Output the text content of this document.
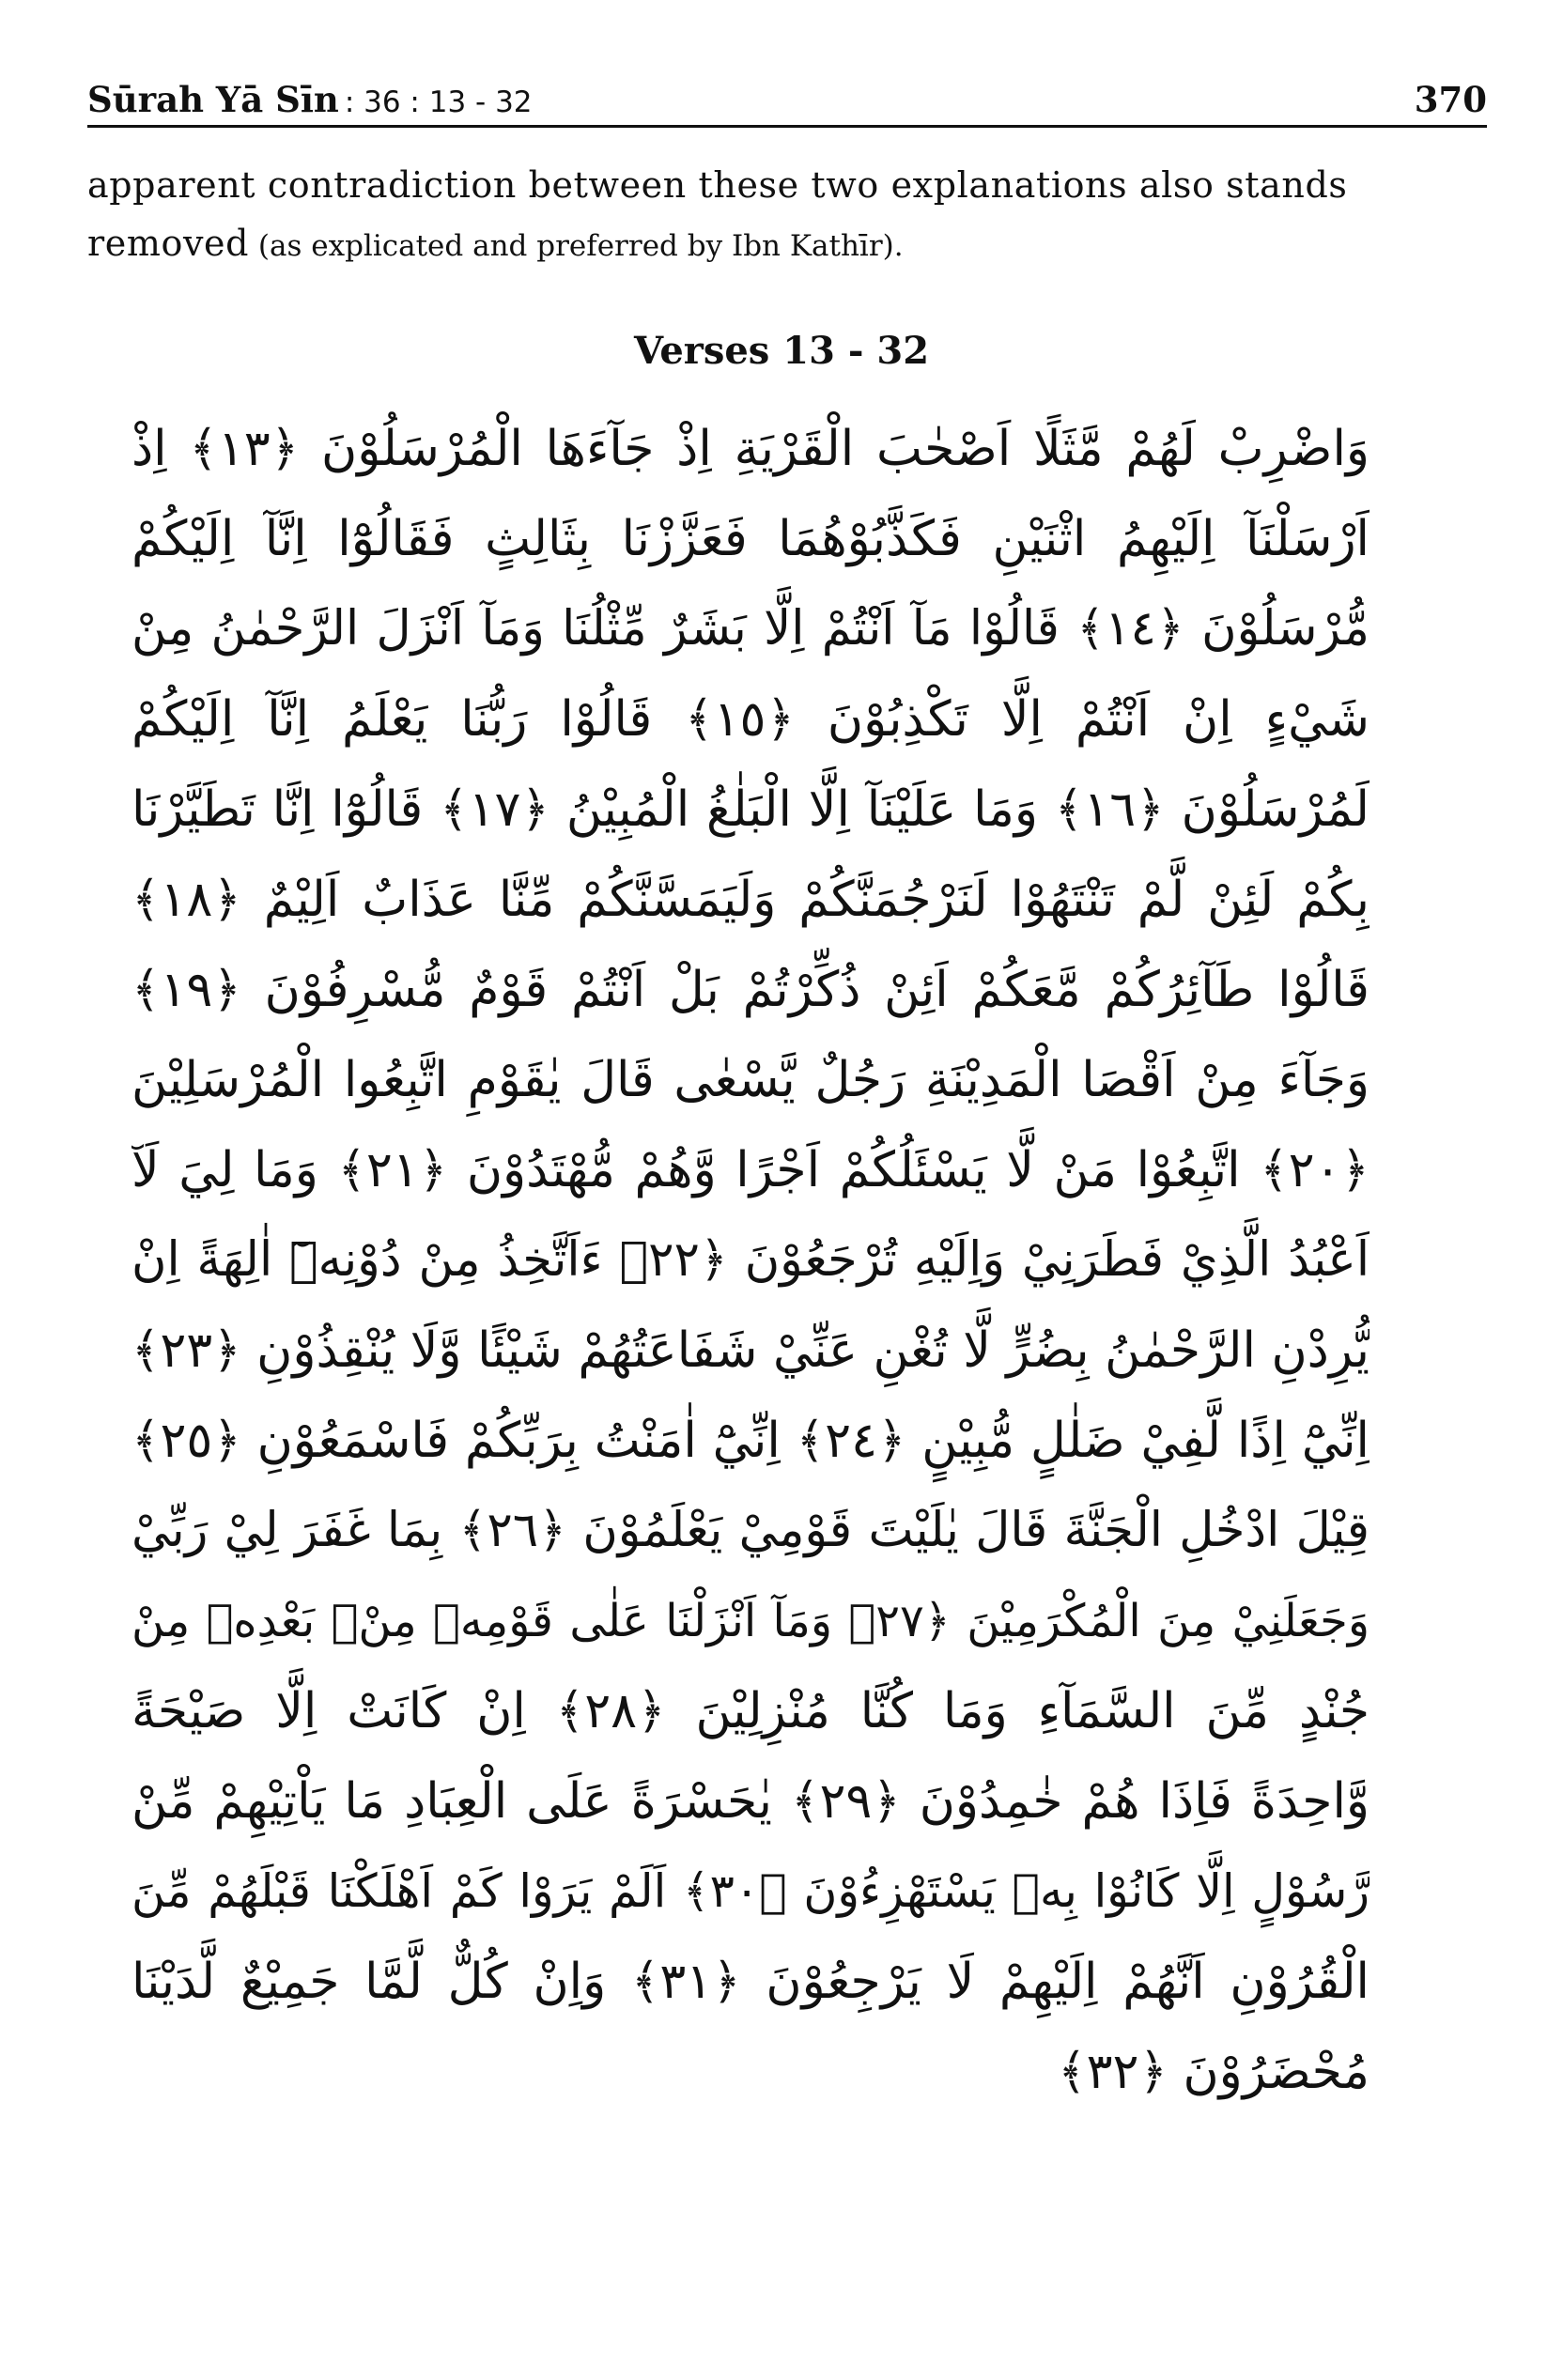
Sūrah Yā Sīn : 36 : 13 - 32	370
apparent contradiction between these two explanations also stands
removed (as explicated and preferred by Ibn Kathīr).
Verses 13 - 32
وَاضْرِبْ لَهُمْ مَّثَلًا اَصْحٰبَ الْقَرْيَةِ اِذْ جَآءَهَا الْمُرْسَلُوْنَ ﴿١٣﴾ اِذْ
اَرْسَلْنَآ اِلَيْهِمُ اثْنَيْنِ فَكَذَّبُوْهُمَا فَعَزَّزْنَا بِثَالِثٍ فَقَالُوْٓا اِنَّآ اِلَيْكُمْ
مُّرْسَلُوْنَ ﴿١٤﴾ قَالُوْا مَآ اَنْتُمْ اِلَّا بَشَرٌ مِّثْلُنَا وَمَآ اَنْزَلَ الرَّحْمٰنُ مِنْ
شَيْءٍ اِنْ اَنْتُمْ اِلَّا تَكْذِبُوْنَ ﴿١٥﴾ قَالُوْا رَبُّنَا يَعْلَمُ اِنَّآ اِلَيْكُمْ
لَمُرْسَلُوْنَ ﴿١٦﴾ وَمَا عَلَيْنَآ اِلَّا الْبَلٰغُ الْمُبِيْنُ ﴿١٧﴾ قَالُوْٓا اِنَّا تَطَيَّرْنَا
بِكُمْ لَئِنْ لَّمْ تَنْتَهُوْا لَنَرْجُمَنَّكُمْ وَلَيَمَسَّنَّكُمْ مِّنَّا عَذَابٌ اَلِيْمٌ ﴿١٨﴾
قَالُوْا طَآئِرُكُمْ مَّعَكُمْ اَئِنْ ذُكِّرْتُمْ بَلْ اَنْتُمْ قَوْمٌ مُّسْرِفُوْنَ ﴿١٩﴾
وَجَآءَ مِنْ اَقْصَا الْمَدِيْنَةِ رَجُلٌ يَّسْعٰى قَالَ يٰقَوْمِ اتَّبِعُوا الْمُرْسَلِيْنَ
﴿٢٠﴾ اتَّبِعُوْا مَنْ لَّا يَسْئَلُكُمْ اَجْرًا وَّهُمْ مُّهْتَدُوْنَ ﴿٢١﴾ وَمَا لِيَ لَآ
اَعْبُدُ الَّذِيْ فَطَرَنِيْ وَاِلَيْهِ تُرْجَعُوْنَ ﴿٢٢﴾ ءَاَتَّخِذُ مِنْ دُوْنِهٖٓ اٰلِهَةً اِنْ
يُّرِدْنِ الرَّحْمٰنُ بِضُرٍّ لَّا تُغْنِ عَنِّيْ شَفَاعَتُهُمْ شَيْئًا وَّلَا يُنْقِذُوْنِ ﴿٢٣﴾
اِنِّيْٓ اِذًا لَّفِيْ ضَلٰلٍ مُّبِيْنٍ ﴿٢٤﴾ اِنِّيْٓ اٰمَنْتُ بِرَبِّكُمْ فَاسْمَعُوْنِ ﴿٢٥﴾
قِيْلَ ادْخُلِ الْجَنَّةَ قَالَ يٰلَيْتَ قَوْمِيْ يَعْلَمُوْنَ ﴿٢٦﴾ بِمَا غَفَرَ لِيْ رَبِّيْ
وَجَعَلَنِيْ مِنَ الْمُكْرَمِيْنَ ﴿٢٧﴾ وَمَآ اَنْزَلْنَا عَلٰى قَوْمِهٖ مِنْۢ بَعْدِهٖ مِنْ
جُنْدٍ مِّنَ السَّمَآءِ وَمَا كُنَّا مُنْزِلِيْنَ ﴿٢٨﴾ اِنْ كَانَتْ اِلَّا صَيْحَةً
وَّاحِدَةً فَاِذَا هُمْ خٰمِدُوْنَ ﴿٢٩﴾ يٰحَسْرَةً عَلَى الْعِبَادِ مَا يَاْتِيْهِمْ مِّنْ
رَّسُوْلٍ اِلَّا كَانُوْا بِهٖ يَسْتَهْزِءُوْنَ ﴿٣٠﴾ اَلَمْ يَرَوْا كَمْ اَهْلَكْنَا قَبْلَهُمْ مِّنَ
الْقُرُوْنِ اَنَّهُمْ اِلَيْهِمْ لَا يَرْجِعُوْنَ ﴿٣١﴾ وَاِنْ كُلٌّ لَّمَّا جَمِيْعٌ لَّدَيْنَا
مُحْضَرُوْنَ ﴿٣٢﴾
